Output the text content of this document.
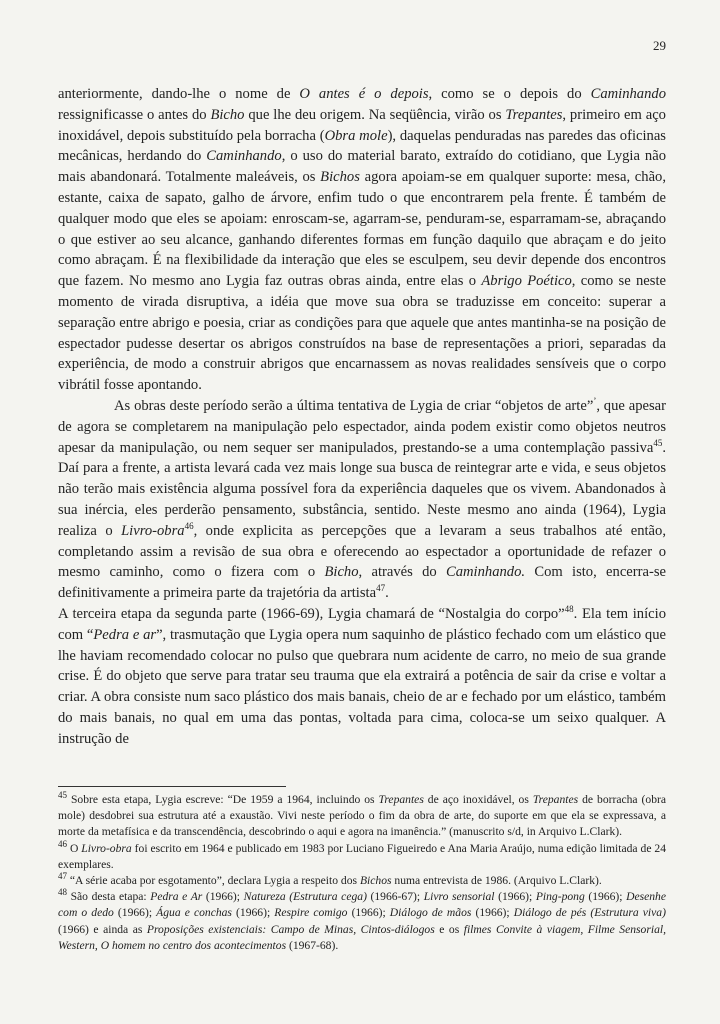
29

anteriormente, dando-lhe o nome de O antes é o depois, como se o depois do Caminhando ressignificasse o antes do Bicho que lhe deu origem. Na seqüência, virão os Trepantes, primeiro em aço inoxidável, depois substituído pela borracha (Obra mole), daquelas penduradas nas paredes das oficinas mecânicas, herdando do Caminhando, o uso do material barato, extraído do cotidiano, que Lygia não mais abandonará. Totalmente maleáveis, os Bichos agora apoiam-se em qualquer suporte: mesa, chão, estante, caixa de sapato, galho de árvore, enfim tudo o que encontrarem pela frente. É também de qualquer modo que eles se apoiam: enroscam-se, agarram-se, penduram-se, esparramam-se, abraçando o que estiver ao seu alcance, ganhando diferentes formas em função daquilo que abraçam e do jeito como abraçam. É na flexibilidade da interação que eles se esculpem, seu devir depende dos encontros que fazem. No mesmo ano Lygia faz outras obras ainda, entre elas o Abrigo Poético, como se neste momento de virada disruptiva, a idéia que move sua obra se traduzisse em conceito: superar a separação entre abrigo e poesia, criar as condições para que aquele que antes mantinha-se na posição de espectador pudesse desertar os abrigos construídos na base de representações a priori, separadas da experiência, de modo a construir abrigos que encarnassem as novas realidades sensíveis que o corpo vibrátil fosse apontando.

As obras deste período serão a última tentativa de Lygia de criar “objetos de arte”’, que apesar de agora se completarem na manipulação pelo espectador, ainda podem existir como objetos neutros apesar da manipulação, ou nem sequer ser manipulados, prestando-se a uma contemplação passiva$^{45}$. Daí para a frente, a artista levará cada vez mais longe sua busca de reintegrar arte e vida, e seus objetos não terão mais existência alguma possível fora da experiência daqueles que os vivem. Abandonados à sua inércia, eles perderão pensamento, substância, sentido. Neste mesmo ano ainda (1964), Lygia realiza o Livro-obra$^{46}$, onde explicita as percepções que a levaram a seus trabalhos até então, completando assim a revisão de sua obra e oferecendo ao espectador a oportunidade de refazer o mesmo caminho, como o fizera com o Bicho, através do Caminhando. Com isto, encerra-se definitivamente a primeira parte da trajetória da artista$^{47}$.

A terceira etapa da segunda parte (1966-69), Lygia chamará de “Nostalgia do corpo”$^{48}$. Ela tem início com “Pedra e ar”, trasmutação que Lygia opera num saquinho de plástico fechado com um elástico que lhe haviam recomendado colocar no pulso que quebrara num acidente de carro, no meio de sua grande crise. É do objeto que serve para tratar seu trauma que ela extrairá a potência de sair da crise e voltar a criar. A obra consiste num saco plástico dos mais banais, cheio de ar e fechado por um elástico, também do mais banais, no qual em uma das pontas, voltada para cima, coloca-se um seixo qualquer. A instrução de

$^{45}$ Sobre esta etapa, Lygia escreve: “De 1959 a 1964, incluindo os Trepantes de aço inoxidável, os Trepantes de borracha (obra mole) desdobrei sua estrutura até a exaustão. Vivi neste período o fim da obra de arte, do suporte em que ela se expressava, a morte da metafísica e da transcendência, descobrindo o aqui e agora na imanência.” (manuscrito s/d, in Arquivo L.Clark).

$^{46}$ O Livro-obra foi escrito em 1964 e publicado em 1983 por Luciano Figueiredo e Ana Maria Araújo, numa edição limitada de 24 exemplares.

$^{47}$ “A série acaba por esgotamento”, declara Lygia a respeito dos Bichos numa entrevista de 1986. (Arquivo L.Clark).

$^{48}$ São desta etapa: Pedra e Ar (1966); Natureza (Estrutura cega) (1966-67); Livro sensorial (1966); Ping-pong (1966); Desenhe com o dedo (1966); Água e conchas (1966); Respire comigo (1966); Diálogo de mãos (1966); Diálogo de pés (Estrutura viva) (1966) e ainda as Proposições existenciais: Campo de Minas, Cintos-diálogos e os filmes Convite à viagem, Filme Sensorial, Western, O homem no centro dos acontecimentos (1967-68).
